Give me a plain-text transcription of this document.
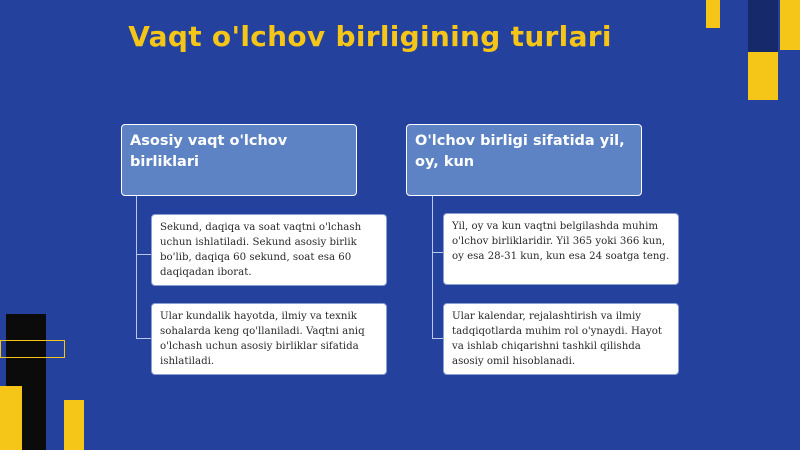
Vaqt o'lchov birligining turlari
Asosiy vaqt o'lchov birliklari
Sekund, daqiqa va soat vaqtni o'lchash uchun ishlatiladi. Sekund asosiy birlik bo'lib, daqiqa 60 sekund, soat esa 60 daqiqadan iborat.
Ular kundalik hayotda, ilmiy va texnik sohalarda keng qo'llaniladi. Vaqtni aniq o'lchash uchun asosiy birliklar sifatida ishlatiladi.
O'lchov birligi sifatida yil, oy, kun
Yil, oy va kun vaqtni belgilashda muhim o'lchov birliklaridir. Yil 365 yoki 366 kun, oy esa 28-31 kun, kun esa 24 soatga teng.
Ular kalendar, rejalashtirish va ilmiy tadqiqotlarda muhim rol o'ynaydi. Hayot va ishlab chiqarishni tashkil qilishda asosiy omil hisoblanadi.
